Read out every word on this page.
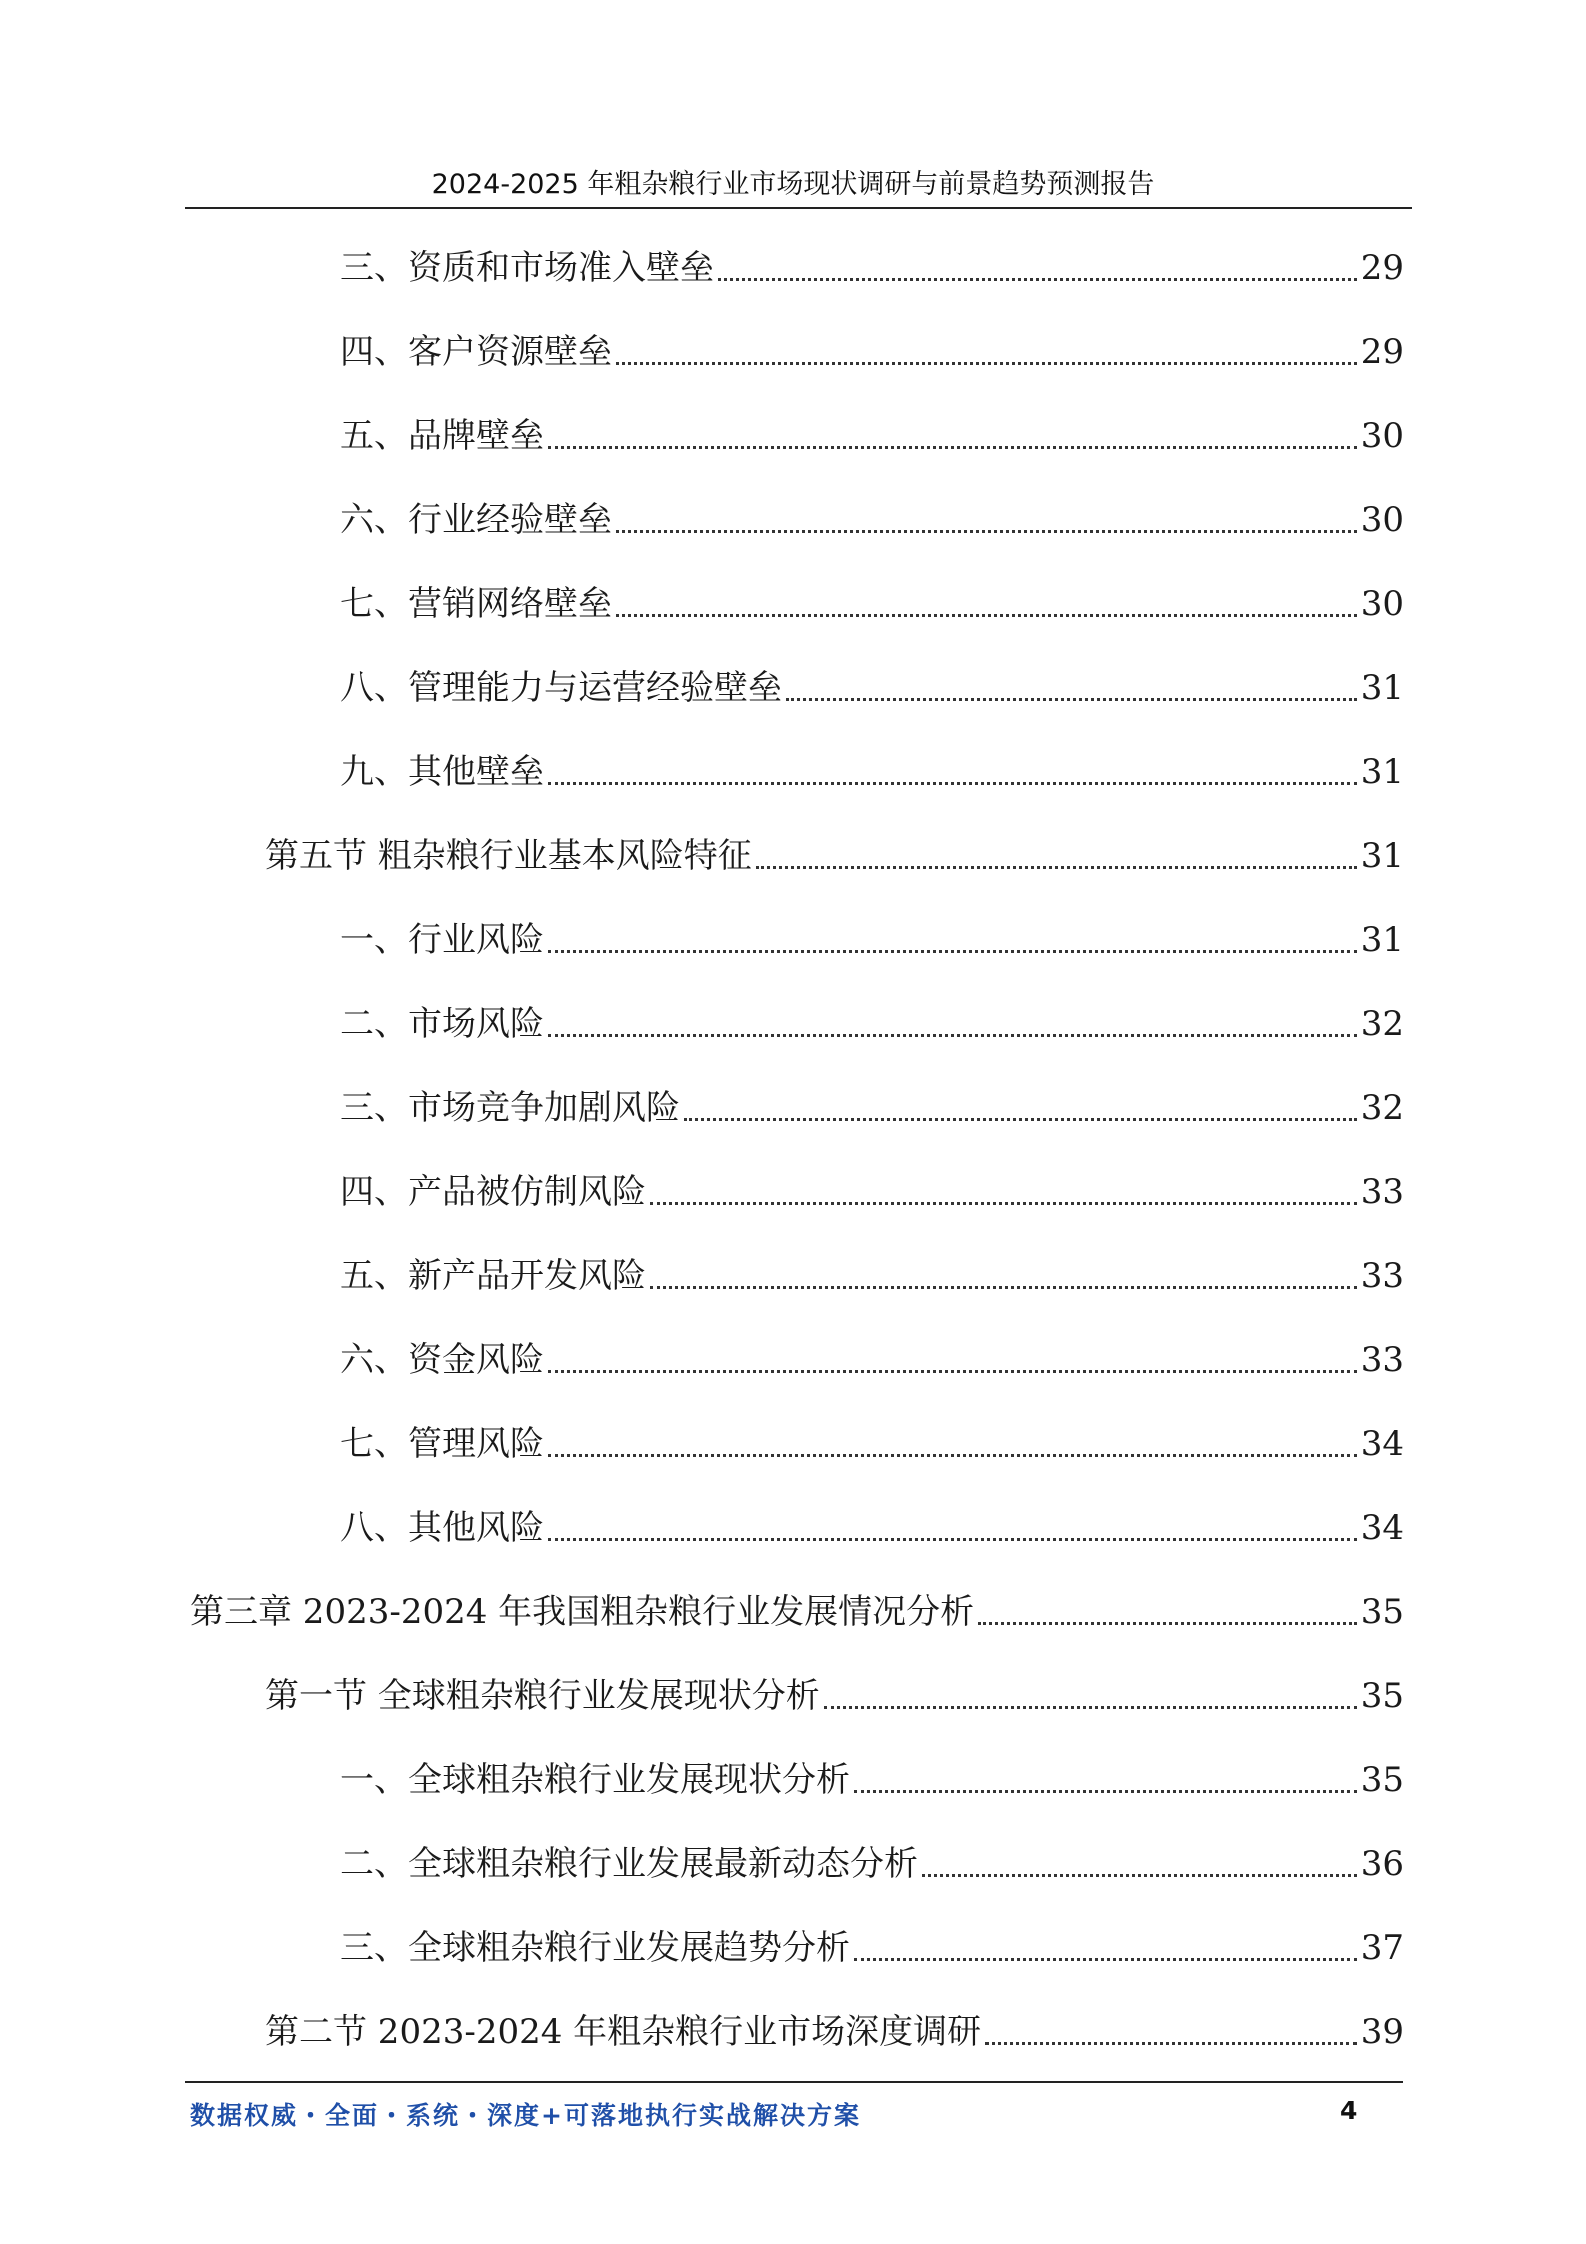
2024-2025 年粗杂粮行业市场现状调研与前景趋势预测报告
三、资质和市场准入壁垒	29
四、客户资源壁垒	29
五、品牌壁垒	30
六、行业经验壁垒	30
七、营销网络壁垒	30
八、管理能力与运营经验壁垒	31
九、其他壁垒	31
第五节 粗杂粮行业基本风险特征	31
一、行业风险	31
二、市场风险	32
三、市场竞争加剧风险	32
四、产品被仿制风险	33
五、新产品开发风险	33
六、资金风险	33
七、管理风险	34
八、其他风险	34
第三章 2023-2024 年我国粗杂粮行业发展情况分析	35
第一节 全球粗杂粮行业发展现状分析	35
一、全球粗杂粮行业发展现状分析	35
二、全球粗杂粮行业发展最新动态分析	36
三、全球粗杂粮行业发展趋势分析	37
第二节 2023-2024 年粗杂粮行业市场深度调研	39
数据权威・全面・系统・深度+可落地执行实战解决方案	4
